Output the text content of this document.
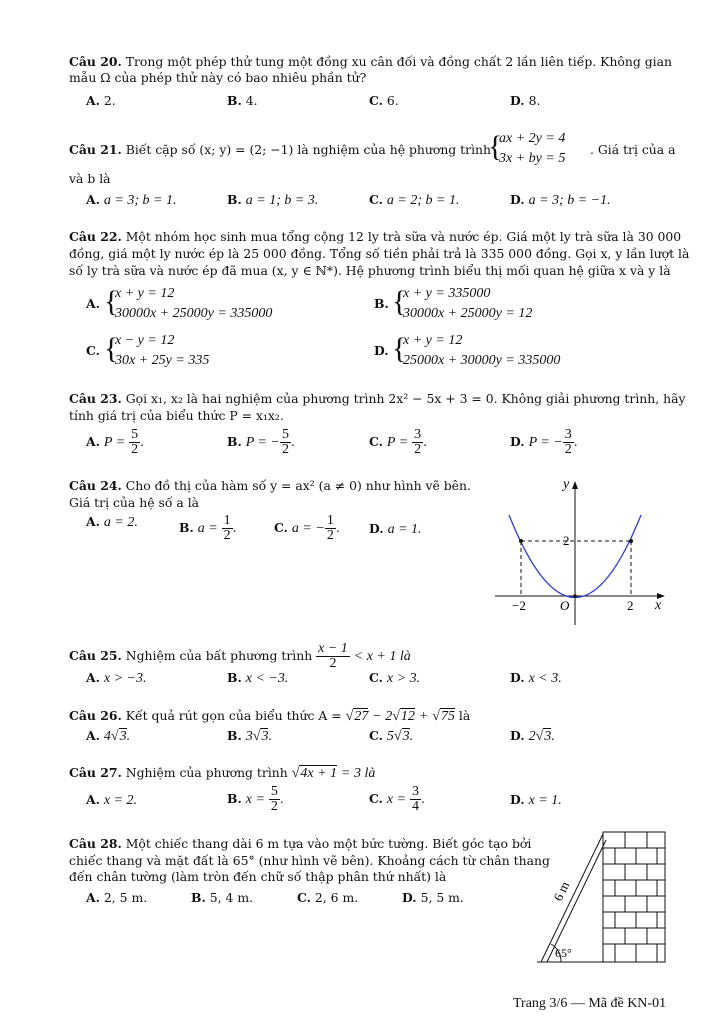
Câu 20. Trong một phép thử tung một đồng xu cân đối và đồng chất 2 lần liên tiếp. Không gian
mẫu Ω của phép thử này có bao nhiêu phần tử?
A. 2.	B. 4.	C. 6.	D. 8.
Câu 21. Biết cặp số (x; y) = (2; −1) là nghiệm của hệ phương trình
{
ax + 2y = 4
3x + by = 5
. Giá trị của a
và b là
A. a = 3; b = 1.	B. a = 1; b = 3.	C. a = 2; b = 1.	D. a = 3; b = −1.
Câu 22. Một nhóm học sinh mua tổng cộng 12 ly trà sữa và nước ép. Giá một ly trà sữa là 30 000
đồng, giá một ly nước ép là 25 000 đồng. Tổng số tiền phải trả là 335 000 đồng. Gọi x, y lần lượt là
số ly trà sữa và nước ép đã mua (x, y ∈ ℕ*). Hệ phương trình biểu thị mối quan hệ giữa x và y là
A. {
x + y = 12
30000x + 25000y = 335000
B. {
x + y = 335000
30000x + 25000y = 12
C. {
x − y = 12
30x + 25y = 335
D. {
x + y = 12
25000x + 30000y = 335000
Câu 23. Gọi x₁, x₂ là hai nghiệm của phương trình 2x² − 5x + 3 = 0. Không giải phương trình, hãy
tính giá trị của biểu thức P = x₁x₂.
A. $P = \frac{5}{2}$ .	B. P = − $\frac{5}{2}$ .	C. $P = \frac{3}{2}$ .	D. P = − $\frac{3}{2}$ .
Câu 24. Cho đồ thị của hàm số y = ax² (a ≠ 0) như hình vẽ bên.
Giá trị của hệ số a là
A. a = 2.	B. $a = \frac{1}{2}$ .	C. a = − $\frac{1}{2}$ . D. a = 1.
y
x
O
−2	2
2
Câu 25. Nghiệm của bất phương trình $\frac{x - 1}{2} < x + 1$ là
A. x > −3.	B. x < −3.	C. x > 3.	D. x < 3.
Câu 26. Kết quả rút gọn của biểu thức A = √27 − 2√12 + √75 là
A. 4√3.	B. 3√3.	C. 5√3.	D. 2√3.
Câu 27. Nghiệm của phương trình √4x + 1 = 3 là
A. x = 2.	B. $x = \frac{5}{2}$ .	C. $x = \frac{3}{4}$ .	D. x = 1.
Câu 28. Một chiếc thang dài 6 m tựa vào một bức tường. Biết góc tạo bởi
chiếc thang và mặt đất là 65° (như hình vẽ bên). Khoảng cách từ chân thang
đến chân tường (làm tròn đến chữ số thập phân thứ nhất) là
A. 2, 5 m.	B. 5, 4 m.	C. 2, 6 m.	D. 5, 5 m.
65°
6 m
Trang 3/6 — Mã đề KN-01
